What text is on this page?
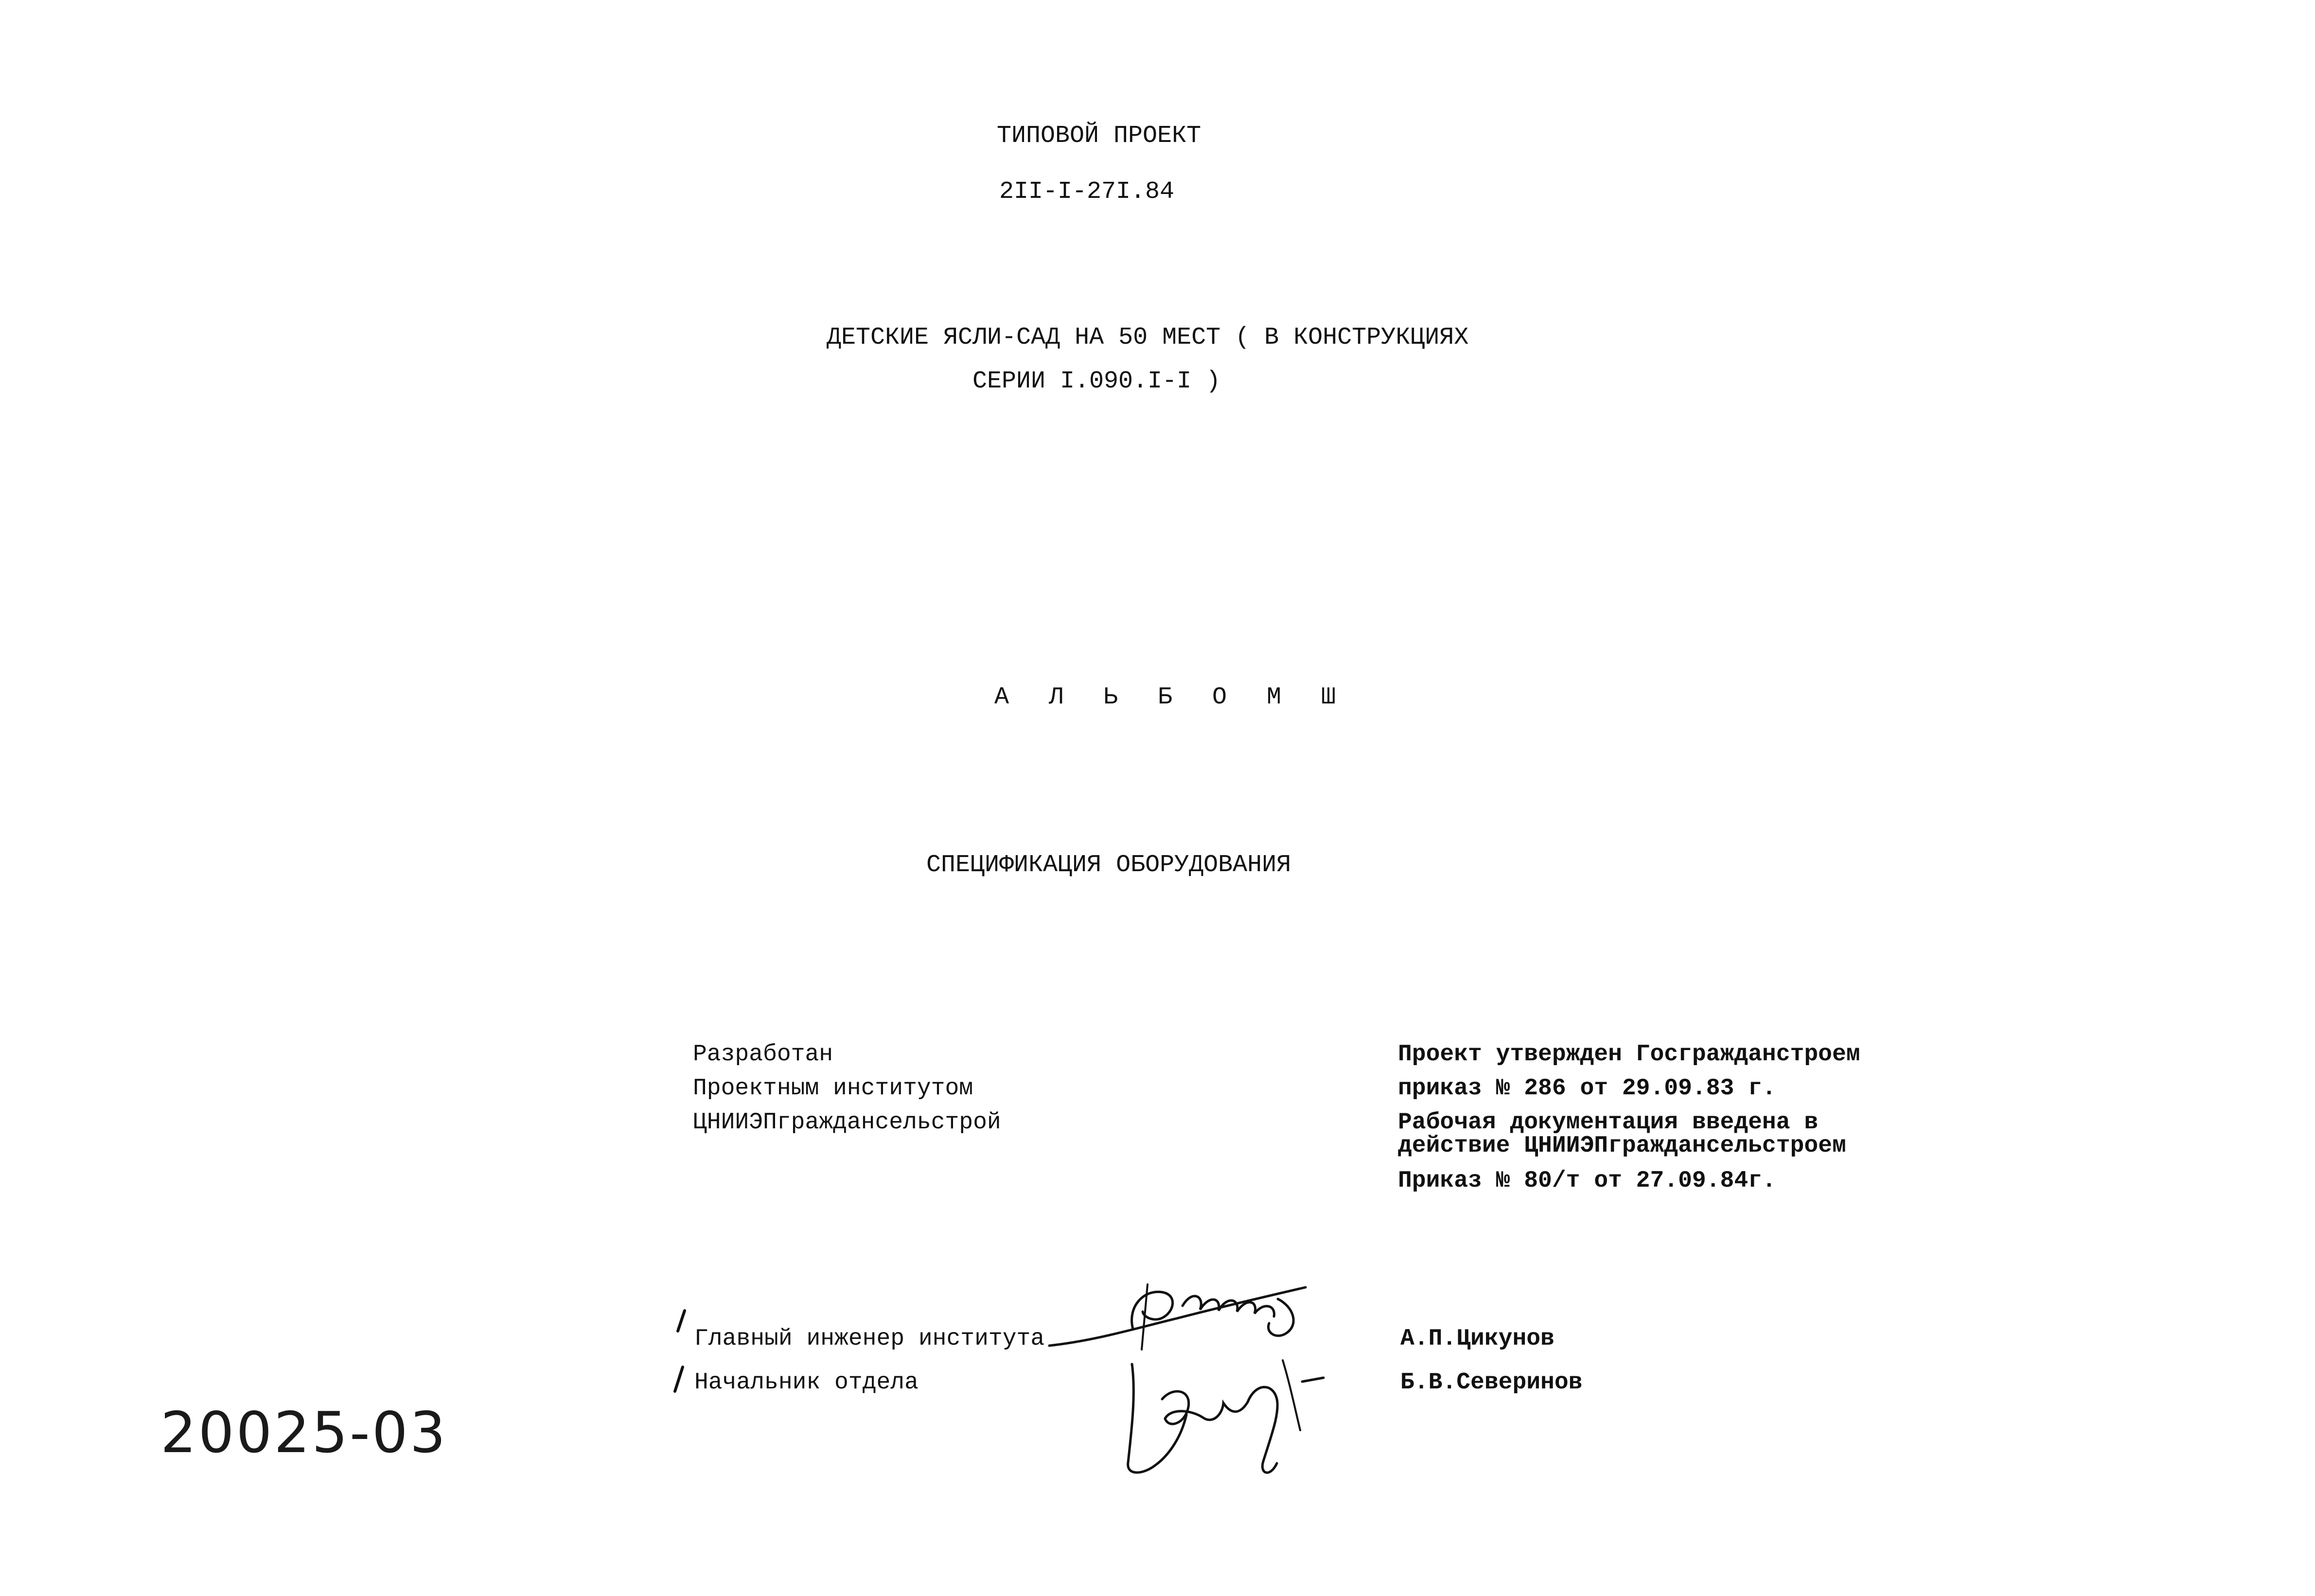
ТИПОВОЙ ПРОЕКТ
2II-I-27I.84
ДЕТСКИЕ ЯСЛИ-САД НА 50 МЕСТ ( В КОНСТРУКЦИЯХ
СЕРИИ I.090.I-I )
А Л Ь Б О М Ш
СПЕЦИФИКАЦИЯ ОБОРУДОВАНИЯ
Разработан
Проектным институтом
ЦНИИЭПграждансельстрой
Проект утвержден Госгражданстроем
приказ № 286 от 29.09.83 г.
Рабочая документация введена в
действие ЦНИИЭПграждансельстроем
Приказ № 80/т от 27.09.84г.
Главный инженер института	А.П.Цикунов
Начальник отдела	Б.В.Северинов
20025-03
